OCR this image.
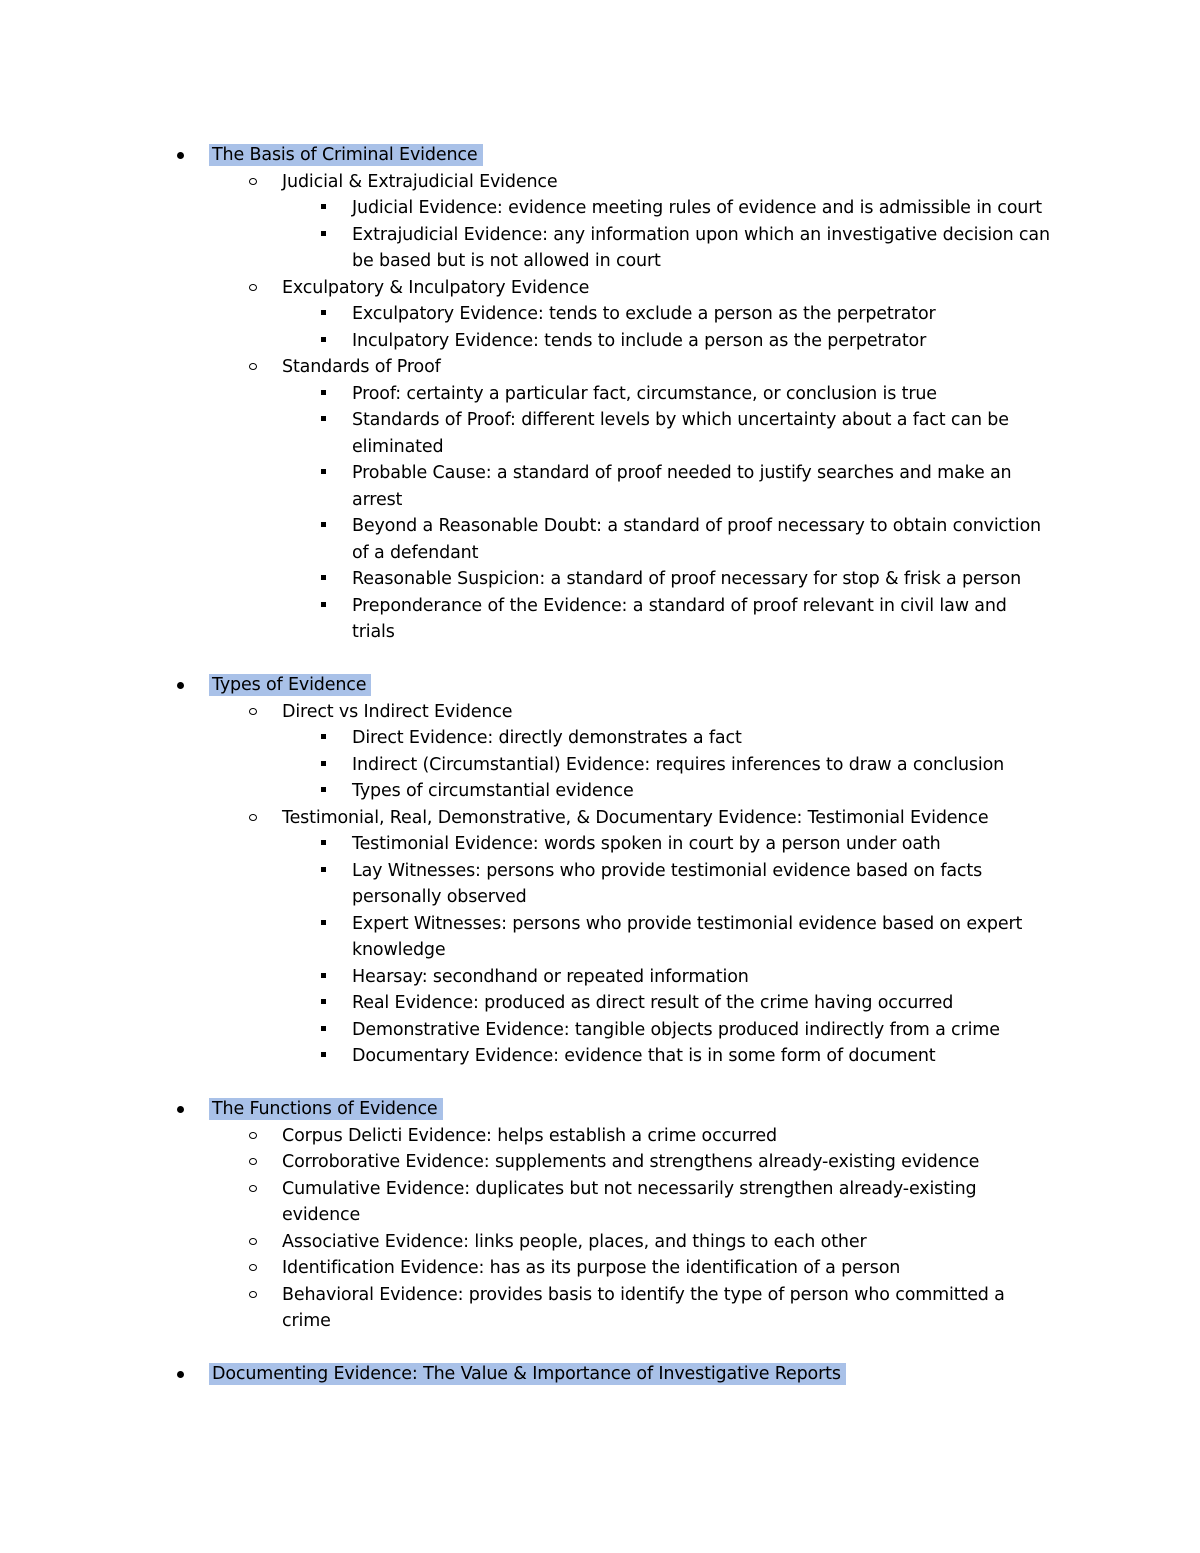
The Basis of Criminal Evidence
Judicial & Extrajudicial Evidence
Judicial Evidence: evidence meeting rules of evidence and is admissible in court
Extrajudicial Evidence: any information upon which an investigative decision can
be based but is not allowed in court
Exculpatory & Inculpatory Evidence
Exculpatory Evidence: tends to exclude a person as the perpetrator
Inculpatory Evidence: tends to include a person as the perpetrator
Standards of Proof
Proof: certainty a particular fact, circumstance, or conclusion is true
Standards of Proof: different levels by which uncertainty about a fact can be
eliminated
Probable Cause: a standard of proof needed to justify searches and make an
arrest
Beyond a Reasonable Doubt: a standard of proof necessary to obtain conviction
of a defendant
Reasonable Suspicion: a standard of proof necessary for stop & frisk a person
Preponderance of the Evidence: a standard of proof relevant in civil law and
trials
Types of Evidence
Direct vs Indirect Evidence
Direct Evidence: directly demonstrates a fact
Indirect (Circumstantial) Evidence: requires inferences to draw a conclusion
Types of circumstantial evidence
Testimonial, Real, Demonstrative, & Documentary Evidence: Testimonial Evidence
Testimonial Evidence: words spoken in court by a person under oath
Lay Witnesses: persons who provide testimonial evidence based on facts
personally observed
Expert Witnesses: persons who provide testimonial evidence based on expert
knowledge
Hearsay: secondhand or repeated information
Real Evidence: produced as direct result of the crime having occurred
Demonstrative Evidence: tangible objects produced indirectly from a crime
Documentary Evidence: evidence that is in some form of document
The Functions of Evidence
Corpus Delicti Evidence: helps establish a crime occurred
Corroborative Evidence: supplements and strengthens already-existing evidence
Cumulative Evidence: duplicates but not necessarily strengthen already-existing
evidence
Associative Evidence: links people, places, and things to each other
Identification Evidence: has as its purpose the identification of a person
Behavioral Evidence: provides basis to identify the type of person who committed a
crime
Documenting Evidence: The Value & Importance of Investigative Reports
